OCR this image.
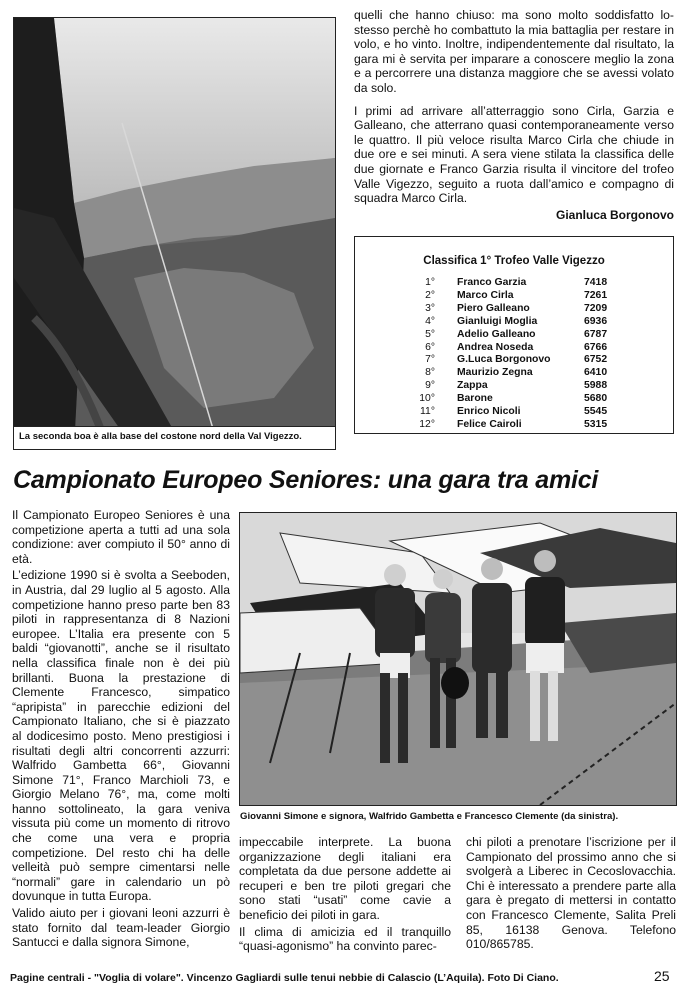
La seconda boa è alla base del costone nord della Val Vigezzo.

quelli che hanno chiuso: ma sono molto soddisfatto lo-stesso perchè ho combattuto la mia battaglia per restare in volo, e ho vinto. Inoltre, indipendentemente dal risultato, la gara mi è servita per imparare a conoscere meglio la zona e a percorrere una distanza maggiore che se avessi volato da solo.

I primi ad arrivare all’atterraggio sono Cirla, Garzia e Galleano, che atterrano quasi contemporaneamente verso le quattro. Il più veloce risulta Marco Cirla che chiude in due ore e sei minuti. A sera viene stilata la classifica delle due giornate e Franco Garzia risulta il vincitore del trofeo Valle Vigezzo, seguito a ruota dall’amico e compagno di squadra Marco Cirla.

Gianluca Borgonovo
Classifica 1° Trofeo Valle Vigezzo
1° Franco Garzia	7418
2° Marco Cirla	7261
3° Piero Galleano	7209
4° Gianluigi Moglia	6936
5° Adelio Galleano	6787
6° Andrea Noseda	6766
7° G.Luca Borgonovo	6752
8° Maurizio Zegna	6410
9° Zappa	5988
10° Barone	5680
11° Enrico Nicoli	5545
12° Felice Cairoli	5315
Campionato Europeo Seniores: una gara tra amici

Il Campionato Europeo Seniores è una competizione aperta a tutti ad una sola condizione: aver compiuto il 50° anno di età.

L’edizione 1990 si è svolta a Seeboden, in Austria, dal 29 luglio al 5 agosto. Alla competizione hanno preso parte ben 83 piloti in rappresentanza di 8 Nazioni europee. L’Italia era presente con 5 baldi “giovanotti”, anche se il risultato nella classifica finale non è dei più brillanti. Buona la prestazione di Clemente Francesco, simpatico “apripista” in parecchie edizioni del Campionato Italiano, che si è piazzato al dodicesimo posto. Meno prestigiosi i risultati degli altri concorrenti azzurri: Walfrido Gambetta 66°, Giovanni Simone 71°, Franco Marchioli 73, e Giorgio Melano 76°, ma, come molti hanno sottolineato, la gara veniva vissuta più come un momento di ritrovo che come una vera e propria competizione. Del resto chi ha delle velleità può sempre cimentarsi nelle “normali” gare in calendario un pò dovunque in tutta Europa.

Valido aiuto per i giovani leoni azzurri è stato fornito dal team-leader Giorgio Santucci e dalla signora Simone,

Giovanni Simone e signora, Walfrido Gambetta e Francesco Clemente (da sinistra).

impeccabile interprete. La buona organizzazione degli italiani era completata da due persone addette ai recuperi e ben tre piloti gregari che sono stati “usati” come cavie a beneficio dei piloti in gara.

Il clima di amicizia ed il tranquillo “quasi-agonismo” ha convinto parec-

chi piloti a prenotare l’iscrizione per il Campionato del prossimo anno che si svolgerà a Liberec in Cecoslovacchia. Chi è interessato a prendere parte alla gara è pregato di mettersi in contatto con Francesco Clemente, Salita Preli 85, 16138 Genova. Telefono 010/865785.

Pagine centrali - "Voglia di volare". Vincenzo Gagliardi sulle tenui nebbie di Calascio (L’Aquila). Foto Di Ciano.	25
